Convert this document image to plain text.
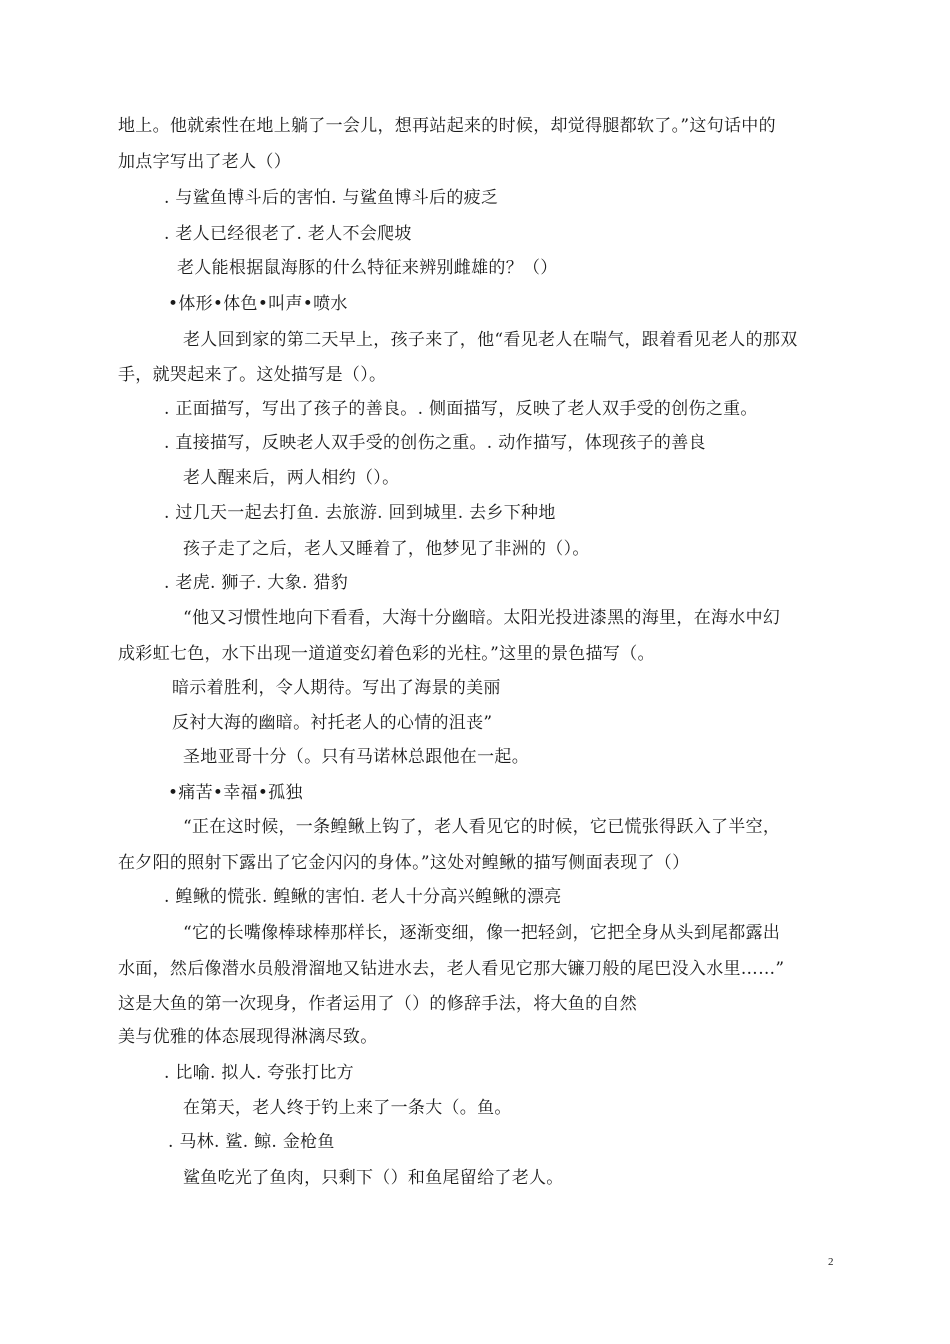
地上。他就索性在地上躺了一会儿，想再站起来的时候，却觉得腿都软了。”这句话中的
加点字写出了老人（）
. 与鲨鱼博斗后的害怕. 与鲨鱼博斗后的疲乏
. 老人已经很老了. 老人不会爬坡
老人能根据鼠海豚的什么特征来辨别雌雄的？（）
•体形•体色•叫声•喷水
老人回到家的第二天早上，孩子来了，他“看见老人在喘气，跟着看见老人的那双
手，就哭起来了。这处描写是（）。
. 正面描写，写出了孩子的善良。. 侧面描写，反映了老人双手受的创伤之重。
. 直接描写，反映老人双手受的创伤之重。. 动作描写，体现孩子的善良
老人醒来后，两人相约（）。
. 过几天一起去打鱼. 去旅游. 回到城里. 去乡下种地
孩子走了之后，老人又睡着了，他梦见了非洲的（）。
. 老虎. 狮子. 大象. 猎豹
“他又习惯性地向下看看，大海十分幽暗。太阳光投进漆黑的海里，在海水中幻
成彩虹七色，水下出现一道道变幻着色彩的光柱。”这里的景色描写（。
暗示着胜利，令人期待。写出了海景的美丽
反衬大海的幽暗。衬托老人的心情的沮丧”
圣地亚哥十分（。只有马诺林总跟他在一起。
•痛苦•幸福•孤独
“正在这时候，一条鳇鳅上钩了，老人看见它的时候，它已慌张得跃入了半空，
在夕阳的照射下露出了它金闪闪的身体。”这处对鳇鳅的描写侧面表现了（）
. 鳇鳅的慌张. 鳇鳅的害怕. 老人十分高兴鳇鳅的漂亮
“它的长嘴像棒球棒那样长，逐渐变细，像一把轻剑，它把全身从头到尾都露出
水面，然后像潜水员般滑溜地又钻进水去，老人看见它那大镰刀般的尾巴没入水里……”
这是大鱼的第一次现身，作者运用了（）的修辞手法，将大鱼的自然
美与优雅的体态展现得淋漓尽致。
. 比喻. 拟人. 夸张打比方
在第天，老人终于钓上来了一条大（。鱼。
. 马林. 鲨. 鲸. 金枪鱼
鲨鱼吃光了鱼肉，只剩下（）和鱼尾留给了老人。
2
